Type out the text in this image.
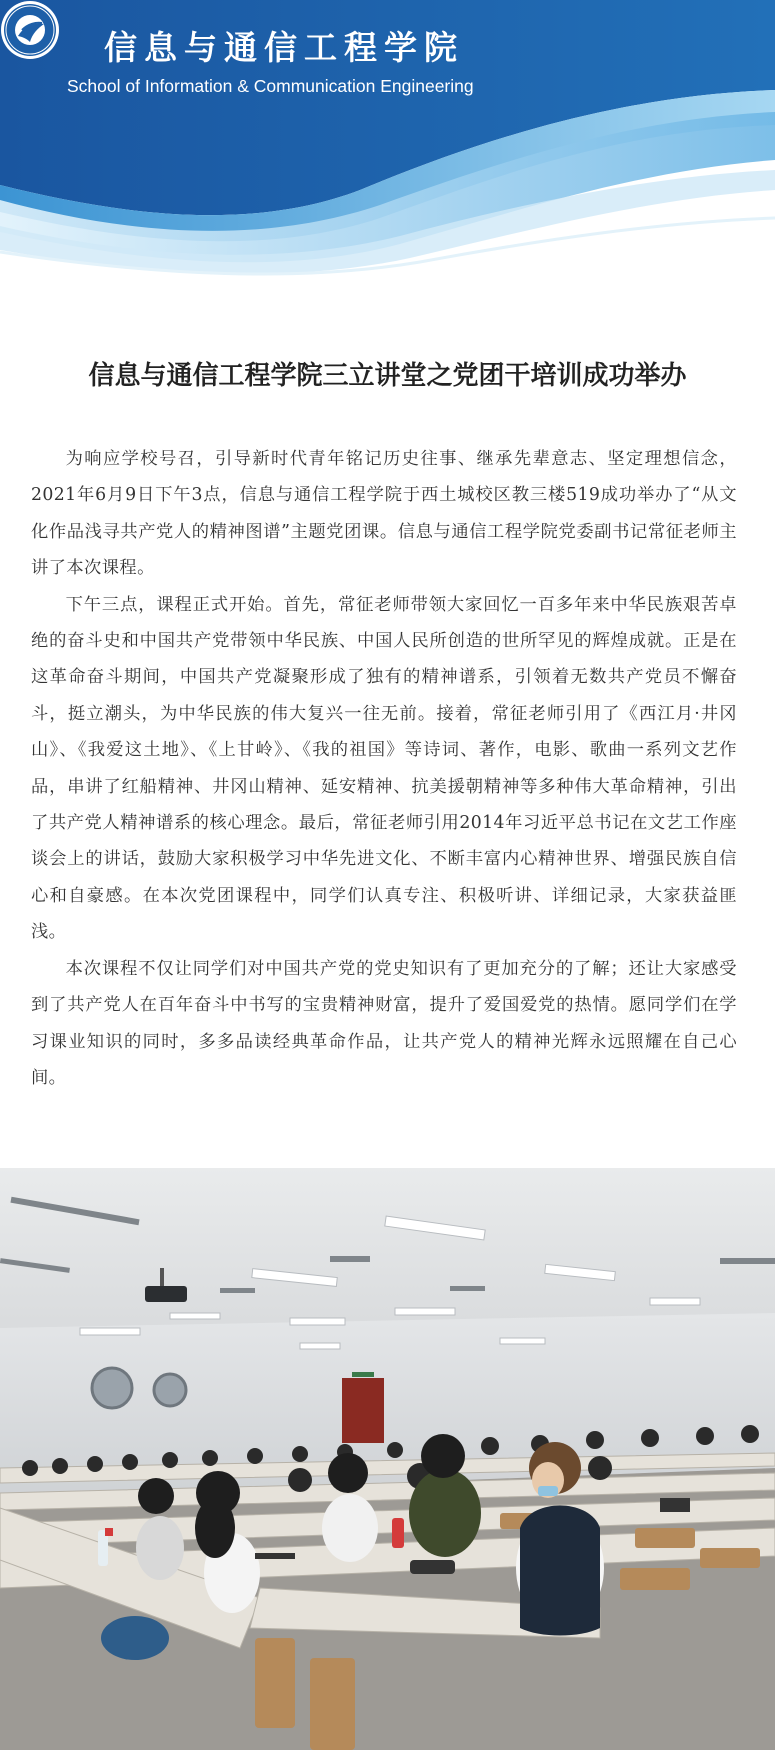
信息与通信工程学院
School of Information & Communication Engineering
信息与通信工程学院三立讲堂之党团干培训成功举办

为响应学校号召，引导新时代青年铭记历史往事、继承先辈意志、坚定理想信念，2021年6月9日下午3点，信息与通信工程学院于西土城校区教三楼519成功举办了“从文化作品浅寻共产党人的精神图谱”主题党团课。信息与通信工程学院党委副书记常征老师主讲了本次课程。

下午三点，课程正式开始。首先，常征老师带领大家回忆一百多年来中华民族艰苦卓绝的奋斗史和中国共产党带领中华民族、中国人民所创造的世所罕见的辉煌成就。正是在这革命奋斗期间，中国共产党凝聚形成了独有的精神谱系，引领着无数共产党员不懈奋斗，挺立潮头，为中华民族的伟大复兴一往无前。接着，常征老师引用了《西江月·井冈山》、《我爱这土地》、《上甘岭》、《我的祖国》等诗词、著作，电影、歌曲一系列文艺作品，串讲了红船精神、井冈山精神、延安精神、抗美援朝精神等多种伟大革命精神，引出了共产党人精神谱系的核心理念。最后，常征老师引用2014年习近平总书记在文艺工作座谈会上的讲话，鼓励大家积极学习中华先进文化、不断丰富内心精神世界、增强民族自信心和自豪感。在本次党团课程中，同学们认真专注、积极听讲、详细记录，大家获益匪浅。

本次课程不仅让同学们对中国共产党的党史知识有了更加充分的了解；还让大家感受到了共产党人在百年奋斗中书写的宝贵精神财富，提升了爱国爱党的热情。愿同学们在学习课业知识的同时，多多品读经典革命作品，让共产党人的精神光辉永远照耀在自己心间。
